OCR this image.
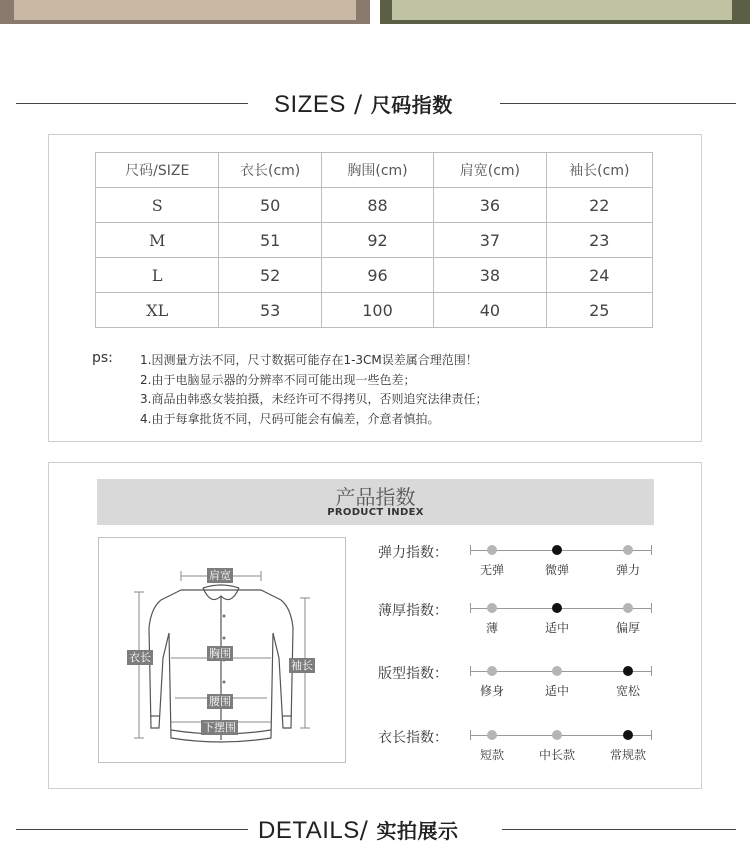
SIZES / 尺码指数
尺码/SIZE	衣长(cm)	胸围(cm)	肩宽(cm)	袖长(cm)
S	50	88	36	22
M	51	92	37	23
L	52	96	38	24
XL	53	100	40	25
ps: 1.因测量方法不同，尺寸数据可能存在1-3CM误差属合理范围！
2.由于电脑显示器的分辨率不同可能出现一些色差；
3.商品由韩惑女装拍摄，未经许可不得拷贝，否则追究法律责任；
4.由于每拿批货不同，尺码可能会有偏差，介意者慎拍。
产品指数
PRODUCT INDEX
肩宽
衣长	胸围
袖长
腰围
下摆围
弹力指数：
无弹	微弹	弹力
薄厚指数：
薄	适中	偏厚
版型指数：
修身	适中	宽松
衣长指数：
短款	中长款	常规款
DETAILS/ 实拍展示
